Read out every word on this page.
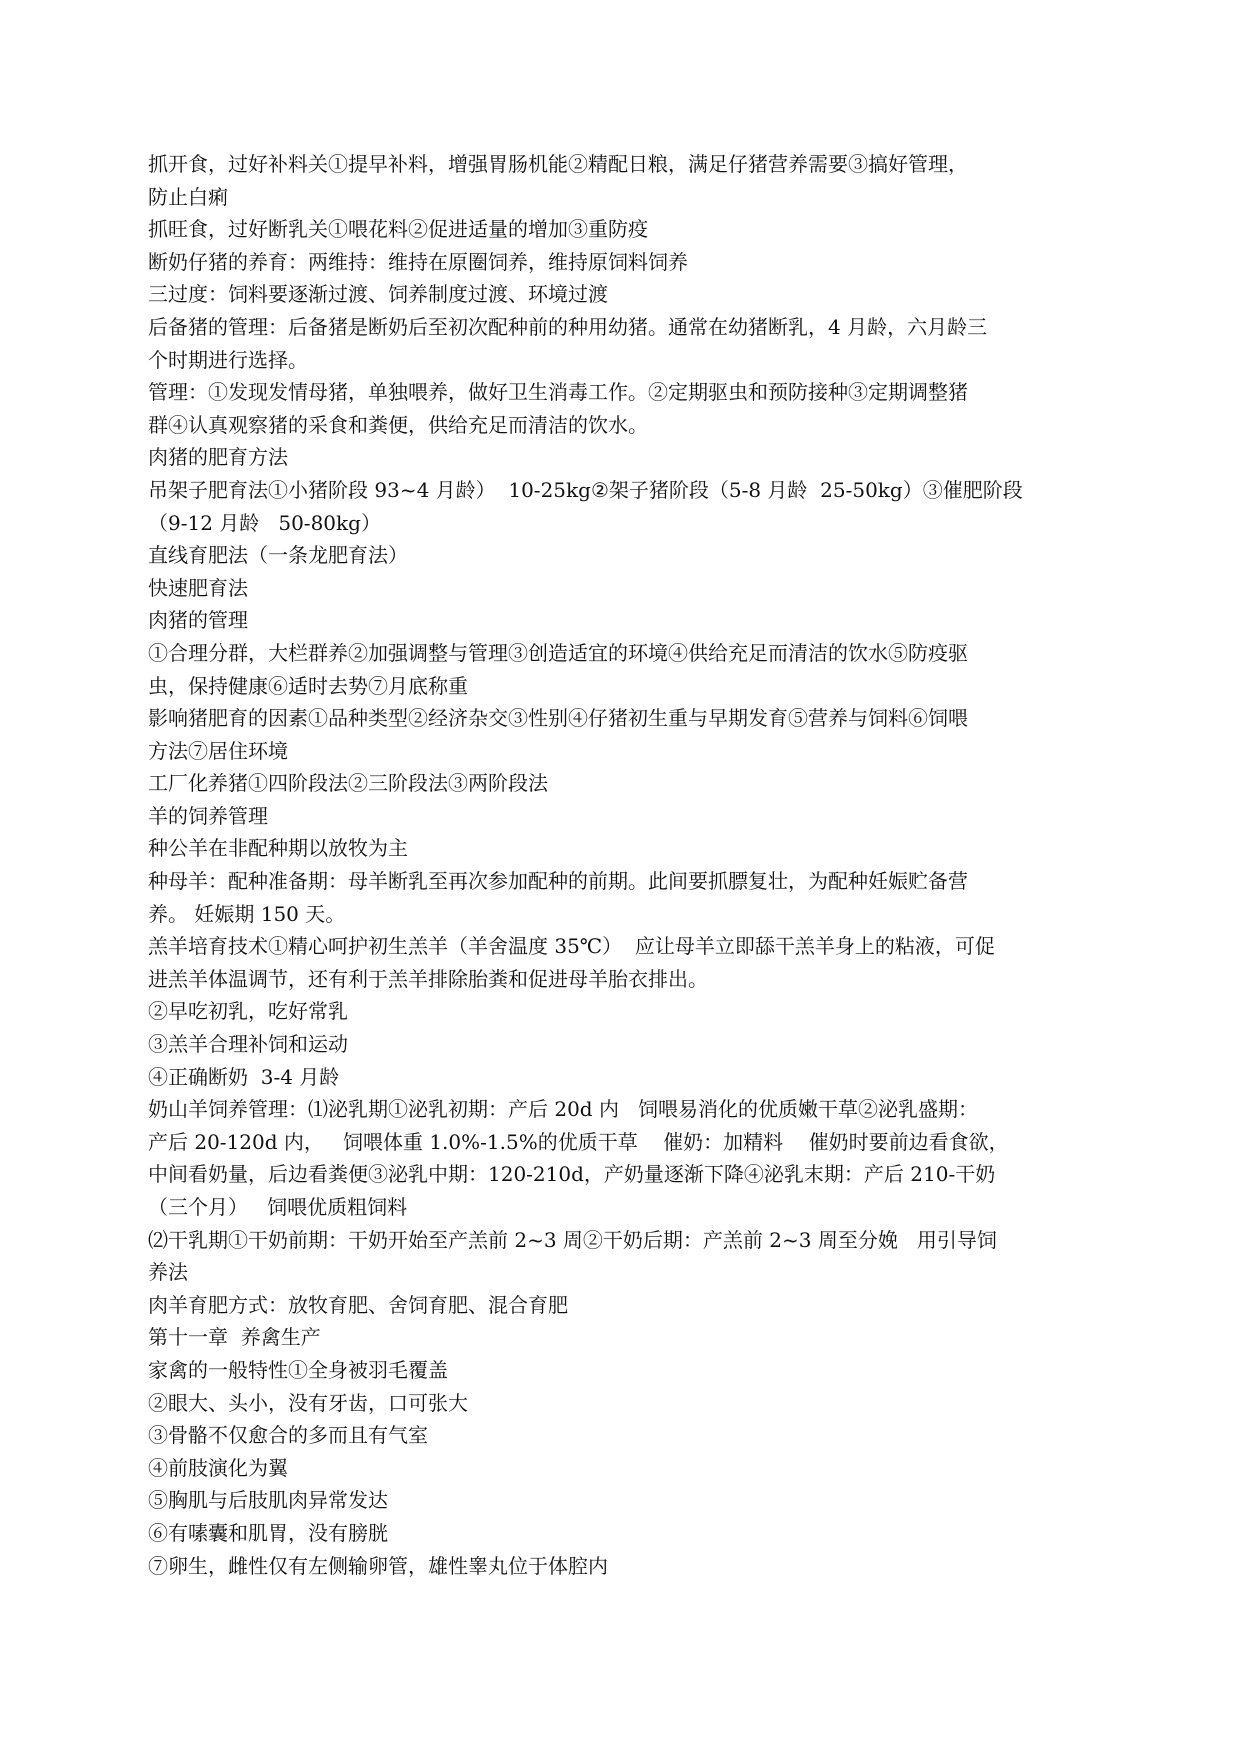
抓开食，过好补料关①提早补料，增强胃肠机能②精配日粮，满足仔猪营养需要③搞好管理，

防止白痢

抓旺食，过好断乳关①喂花料②促进适量的增加③重防疫

断奶仔猪的养育：两维持：维持在原圈饲养，维持原饲料饲养

三过度：饲料要逐渐过渡、饲养制度过渡、环境过渡

后备猪的管理：后备猪是断奶后至初次配种前的种用幼猪。通常在幼猪断乳，4 月龄，六月龄三

个时期进行选择。

管理：①发现发情母猪，单独喂养，做好卫生消毒工作。②定期驱虫和预防接种③定期调整猪

群④认真观察猪的采食和粪便，供给充足而清洁的饮水。

肉猪的肥育方法

吊架子肥育法①小猪阶段 93~4 月龄）  10-25kg②架子猪阶段（5-8 月龄  25-50kg）③催肥阶段

（9-12 月龄   50-80kg）

直线育肥法（一条龙肥育法）

快速肥育法

肉猪的管理

①合理分群，大栏群养②加强调整与管理③创造适宜的环境④供给充足而清洁的饮水⑤防疫驱

虫，保持健康⑥适时去势⑦月底称重

影响猪肥育的因素①品种类型②经济杂交③性别④仔猪初生重与早期发育⑤营养与饲料⑥饲喂

方法⑦居住环境

工厂化养猪①四阶段法②三阶段法③两阶段法

羊的饲养管理

种公羊在非配种期以放牧为主

种母羊：配种准备期：母羊断乳至再次参加配种的前期。此间要抓膘复壮，为配种妊娠贮备营

养。 妊娠期 150 天。

羔羊培育技术①精心呵护初生羔羊（羊舍温度 35℃）  应让母羊立即舔干羔羊身上的粘液，可促

进羔羊体温调节，还有利于羔羊排除胎粪和促进母羊胎衣排出。

②早吃初乳，吃好常乳

③羔羊合理补饲和运动

④正确断奶  3-4 月龄

奶山羊饲养管理：⑴泌乳期①泌乳初期：产后 20d 内   饲喂易消化的优质嫩干草②泌乳盛期：

产后 20-120d 内，   饲喂体重 1.0%-1.5%的优质干草    催奶：加精料    催奶时要前边看食欲，

中间看奶量，后边看粪便③泌乳中期：120-210d，产奶量逐渐下降④泌乳末期：产后 210-干奶

（三个月）   饲喂优质粗饲料

⑵干乳期①干奶前期：干奶开始至产羔前 2~3 周②干奶后期：产羔前 2~3 周至分娩   用引导饲

养法

肉羊育肥方式：放牧育肥、舍饲育肥、混合育肥

第十一章  养禽生产

家禽的一般特性①全身被羽毛覆盖

②眼大、头小，没有牙齿，口可张大

③骨骼不仅愈合的多而且有气室

④前肢演化为翼

⑤胸肌与后肢肌肉异常发达

⑥有嗉囊和肌胃，没有膀胱

⑦卵生，雌性仅有左侧输卵管，雄性睾丸位于体腔内
